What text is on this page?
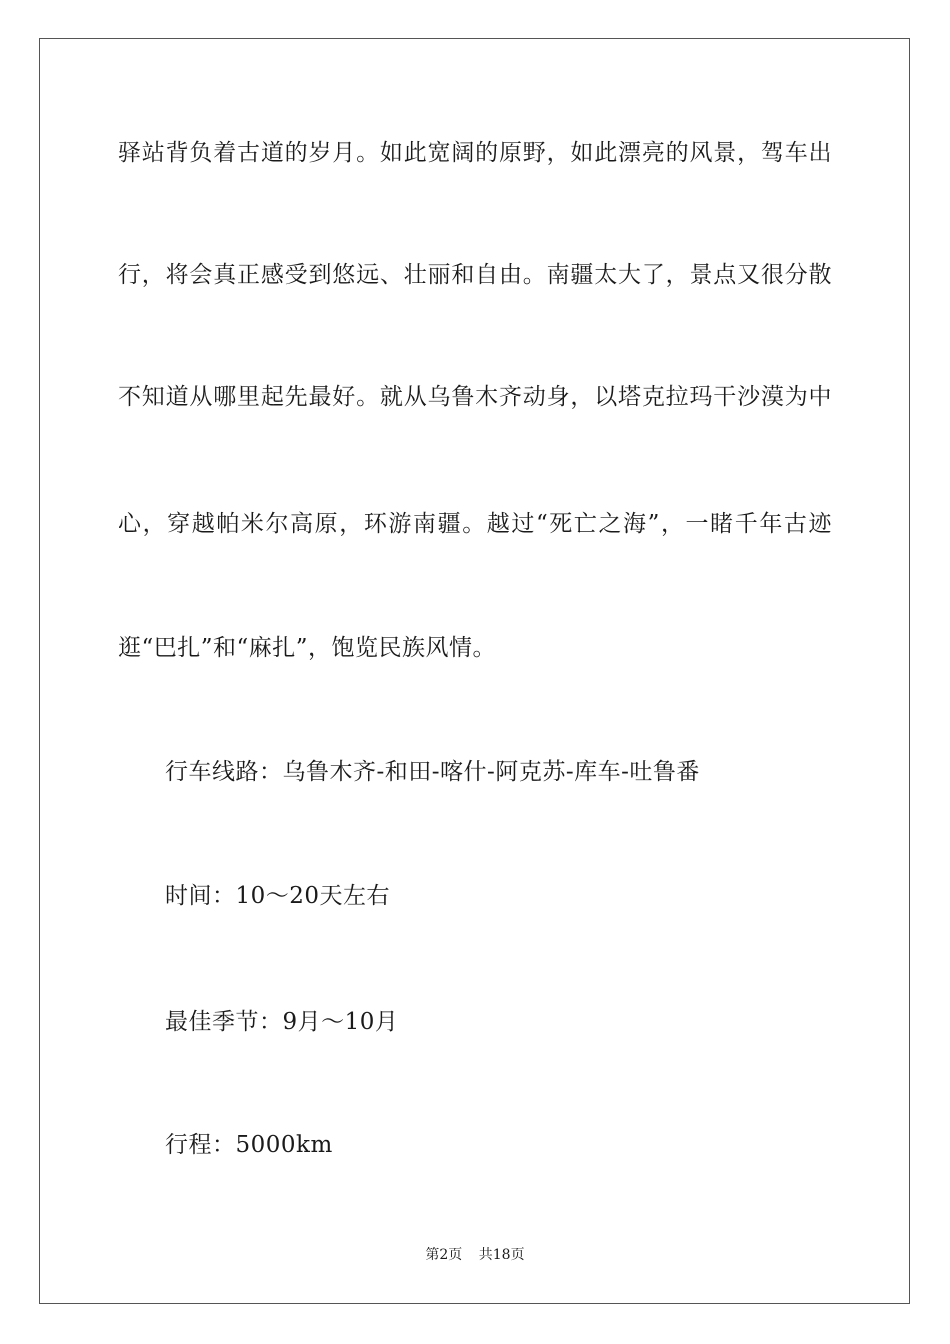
驿站背负着古道的岁月。如此宽阔的原野，如此漂亮的风景，驾车出
行，将会真正感受到悠远、壮丽和自由。南疆太大了，景点又很分散
不知道从哪里起先最好。就从乌鲁木齐动身，以塔克拉玛干沙漠为中
心，穿越帕米尔高原，环游南疆。越过“死亡之海”，一睹千年古迹
逛“巴扎”和“麻扎”，饱览民族风情。
行车线路：乌鲁木齐-和田-喀什-阿克苏-库车-吐鲁番
时间：10～20天左右
最佳季节：9月～10月
行程：5000km
第2页 共18页
